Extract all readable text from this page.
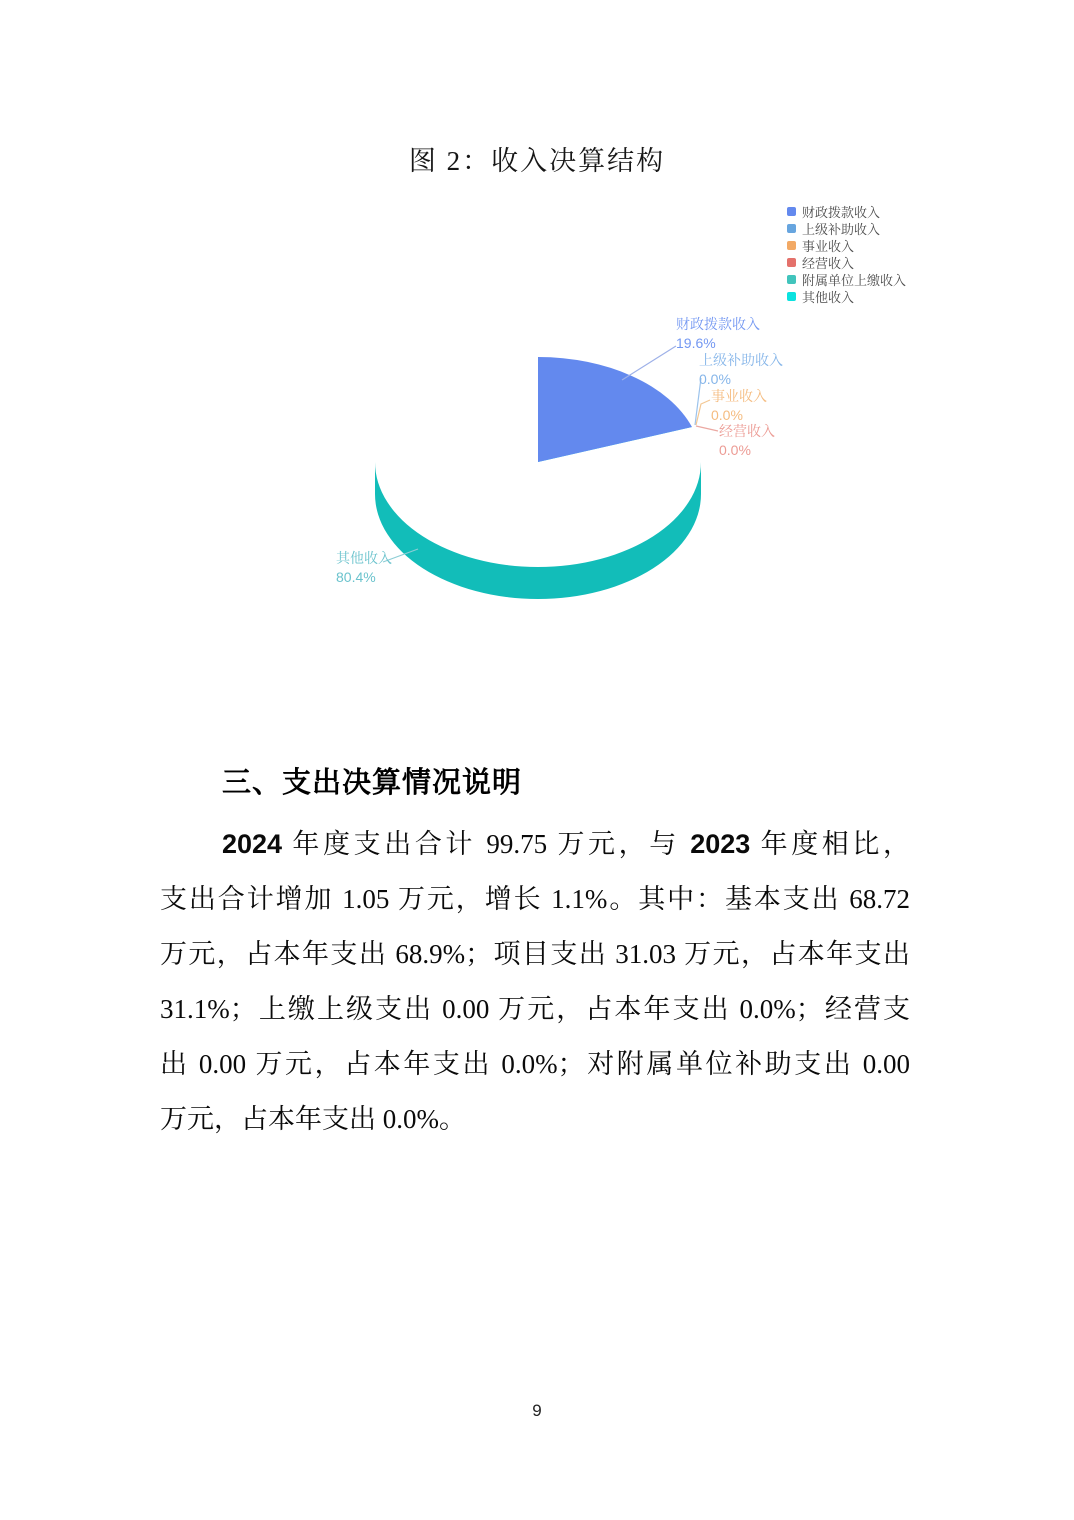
图 2：收入决算结构
财政拨款收入
上级补助收入
事业收入
经营收入
附属单位上缴收入
其他收入
财政拨款收入
19.6%
上级补助收入
0.0%
事业收入
0.0%
经营收入
0.0%
其他收入
80.4%
三、支出决算情况说明
2024 年度支出合计 99.75 万元，与 2023 年度相比，
支出合计增加 1.05 万元，增长 1.1%。其中：基本支出 68.72
万元，占本年支出 68.9%；项目支出 31.03 万元，占本年支出
31.1%；上缴上级支出 0.00 万元，占本年支出 0.0%；经营支
出 0.00 万元，占本年支出 0.0%；对附属单位补助支出 0.00
万元，占本年支出 0.0%。
9
